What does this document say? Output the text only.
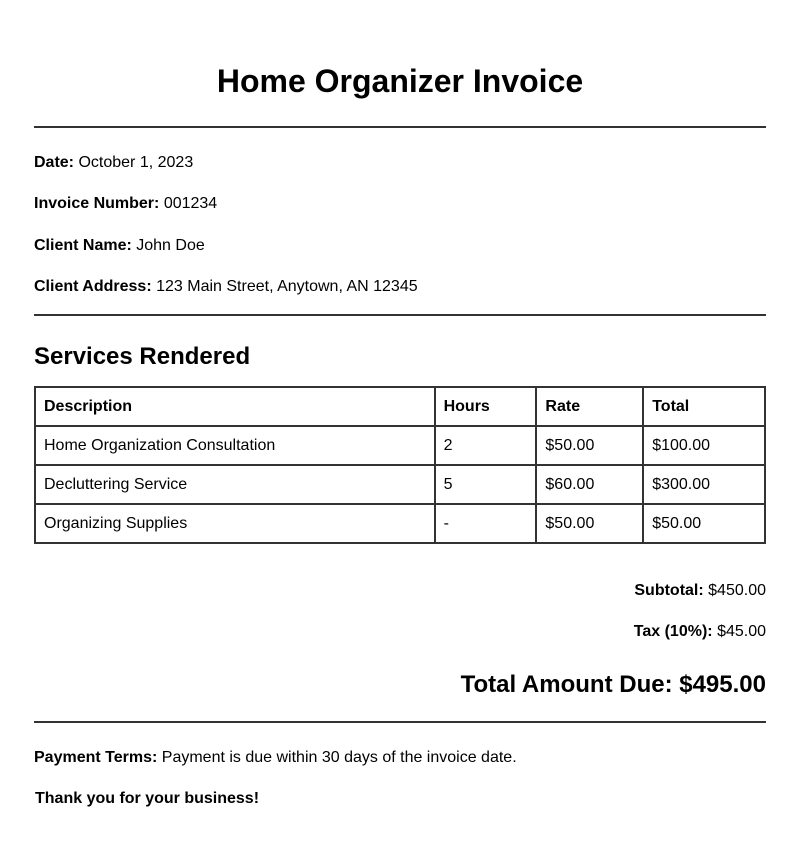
Home Organizer Invoice
Date: October 1, 2023
Invoice Number: 001234
Client Name: John Doe
Client Address: 123 Main Street, Anytown, AN 12345
Services Rendered
Description	Hours	Rate	Total
Home Organization Consultation	2	$50.00	$100.00
Decluttering Service	5	$60.00	$300.00
Organizing Supplies	-	$50.00	$50.00
Subtotal: $450.00
Tax (10%): $45.00
Total Amount Due: $495.00
Payment Terms: Payment is due within 30 days of the invoice date.
Thank you for your business!
